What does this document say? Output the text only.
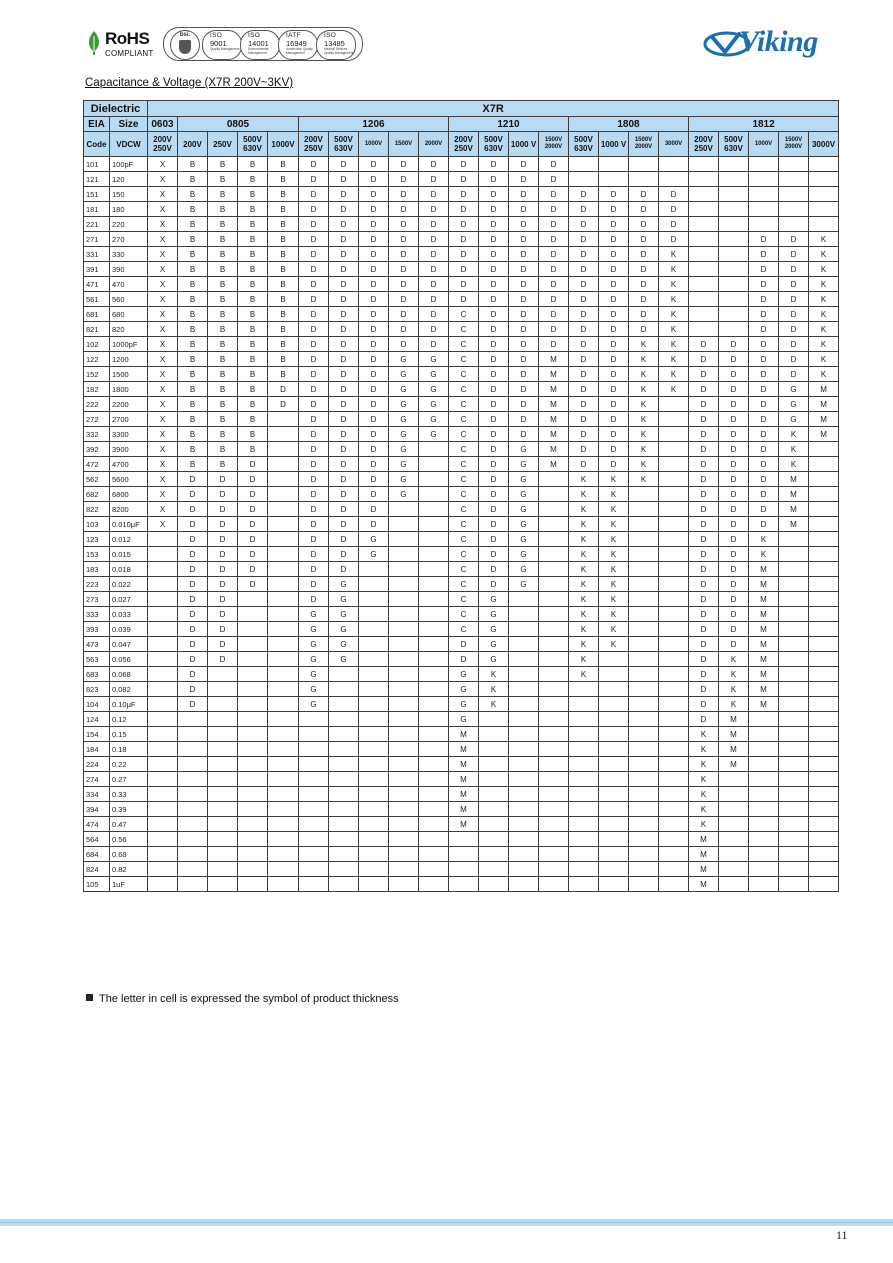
RoHS
COMPLIANT
bsi.	ISO
9001
Quality Management
ISO
14001
Environmental Management
IATF
16949
Automotive Quality Management
ISO
13485
Medical Devices Quality Management	Viking
Capacitance & Voltage (X7R 200V~3KV)
Dielectric		X7R																						
EIA	Size	0603	0805				1206					1210				1808				1812				
Code	VDCW	200V 250V	200V	250V	500V 630V	1000V	200V 250V	500V 630V	1000V	1500V	2000V	200V 250V	500V 630V	1000 V	1500V 2000V	500V 630V	1000 V	1500V 2000V	3000V	200V 250V	500V 630V	1000V	1500V 2000V	3000V
101	100pF	X	B	B	B	B	D	D	D	D	D	D	D	D	D									
121	120	X	B	B	B	B	D	D	D	D	D	D	D	D	D									
151	150	X	B	B	B	B	D	D	D	D	D	D	D	D	D	D	D	D	D					
181	180	X	B	B	B	B	D	D	D	D	D	D	D	D	D	D	D	D	D					
221	220	X	B	B	B	B	D	D	D	D	D	D	D	D	D	D	D	D	D					
271	270	X	B	B	B	B	D	D	D	D	D	D	D	D	D	D	D	D	D			D	D	K
331	330	X	B	B	B	B	D	D	D	D	D	D	D	D	D	D	D	D	K			D	D	K
391	390	X	B	B	B	B	D	D	D	D	D	D	D	D	D	D	D	D	K			D	D	K
471	470	X	B	B	B	B	D	D	D	D	D	D	D	D	D	D	D	D	K			D	D	K
561	560	X	B	B	B	B	D	D	D	D	D	D	D	D	D	D	D	D	K			D	D	K
681	680	X	B	B	B	B	D	D	D	D	D	C	D	D	D	D	D	D	K			D	D	K
821	820	X	B	B	B	B	D	D	D	D	D	C	D	D	D	D	D	D	K			D	D	K
102	1000pF	X	B	B	B	B	D	D	D	D	D	C	D	D	D	D	D	K	K	D	D	D	D	K
122	1200	X	B	B	B	B	D	D	D	G	G	C	D	D	M	D	D	K	K	D	D	D	D	K
152	1500	X	B	B	B	B	D	D	D	G	G	C	D	D	M	D	D	K	K	D	D	D	D	K
182	1800	X	B	B	B	D	D	D	D	G	G	C	D	D	M	D	D	K	K	D	D	D	G	M
222	2200	X	B	B	B	D	D	D	D	G	G	C	D	D	M	D	D	K		D	D	D	G	M
272	2700	X	B	B	B		D	D	D	G	G	C	D	D	M	D	D	K		D	D	D	G	M
332	3300	X	B	B	B		D	D	D	G	G	C	D	D	M	D	D	K		D	D	D	K	M
392	3900	X	B	B	B		D	D	D	G		C	D	G	M	D	D	K		D	D	D	K	
472	4700	X	B	B	D		D	D	D	G		C	D	G	M	D	D	K		D	D	D	K	
562	5600	X	D	D	D		D	D	D	G		C	D	G		K	K	K		D	D	D	M	
682	6800	X	D	D	D		D	D	D	G		C	D	G		K	K			D	D	D	M	
822	8200	X	D	D	D		D	D	D			C	D	G		K	K			D	D	D	M	
103	0.010μF	X	D	D	D		D	D	D			C	D	G		K	K			D	D	D	M	
123	0.012		D	D	D		D	D	G			C	D	G		K	K			D	D	K		
153	0.015		D	D	D		D	D	G			C	D	G		K	K			D	D	K		
183	0.018		D	D	D		D	D				C	D	G		K	K			D	D	M		
223	0.022		D	D	D		D	G				C	D	G		K	K			D	D	M		
273	0.027		D	D			D	G				C	G			K	K			D	D	M		
333	0.033		D	D			G	G				C	G			K	K			D	D	M		
393	0.039		D	D			G	G				C	G			K	K			D	D	M		
473	0.047		D	D			G	G				D	G			K	K			D	D	M		
563	0.056		D	D			G	G				D	G			K				D	K	M		
683	0.068		D				G					G	K			K				D	K	M		
823	0.082		D				G					G	K							D	K	M		
104	0.10μF		D				G					G	K							D	K	M		
124	0.12											G								D	M			
154	0.15											M								K	M			
184	0.18											M								K	M			
224	0.22											M								K	M			
274	0.27											M								K				
334	0.33											M								K				
394	0.39											M								K				
474	0.47											M								K				
564	0.56																			M				
684	0.68																			M				
824	0.82																			M				
105	1uF																			M				
The letter in cell is expressed the symbol of product thickness
11
